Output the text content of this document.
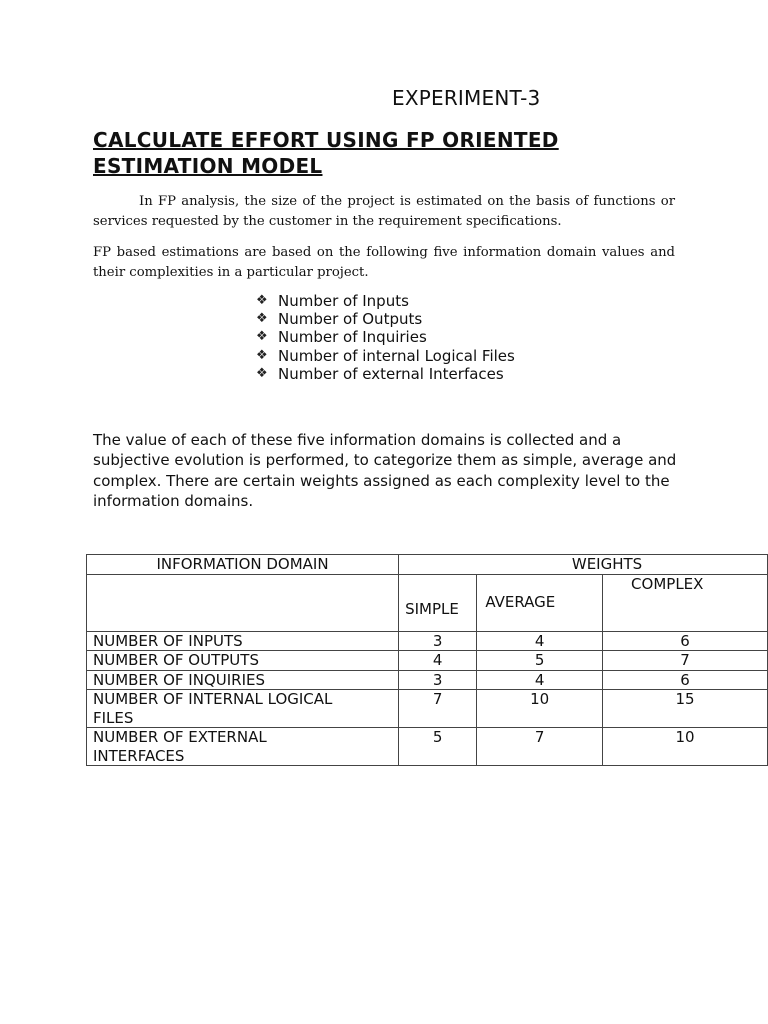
EXPERIMENT-3
CALCULATE EFFORT USING FP ORIENTED ESTIMATION MODEL

In FP analysis, the size of the project is estimated on the basis of functions or services requested by the customer in the requirement specifications.

FP based estimations are based on the following five information domain values and their complexities in a particular project.

❖ Number of Inputs
❖ Number of Outputs
❖ Number of Inquiries
❖ Number of internal Logical Files
❖ Number of external Interfaces

The value of each of these five information domains is collected and a subjective evolution is performed, to categorize them as simple, average and complex. There are certain weights assigned as each complexity level to the information domains.

INFORMATION DOMAIN	WEIGHTS		

	SIMPLE	AVERAGE	COMPLEX
NUMBER OF INPUTS	3	4	6
NUMBER OF OUTPUTS	4	5	7
NUMBER OF INQUIRIES	3	4	6
NUMBER OF INTERNAL LOGICAL FILES	7	10	15
NUMBER OF EXTERNAL INTERFACES	5	7	10
